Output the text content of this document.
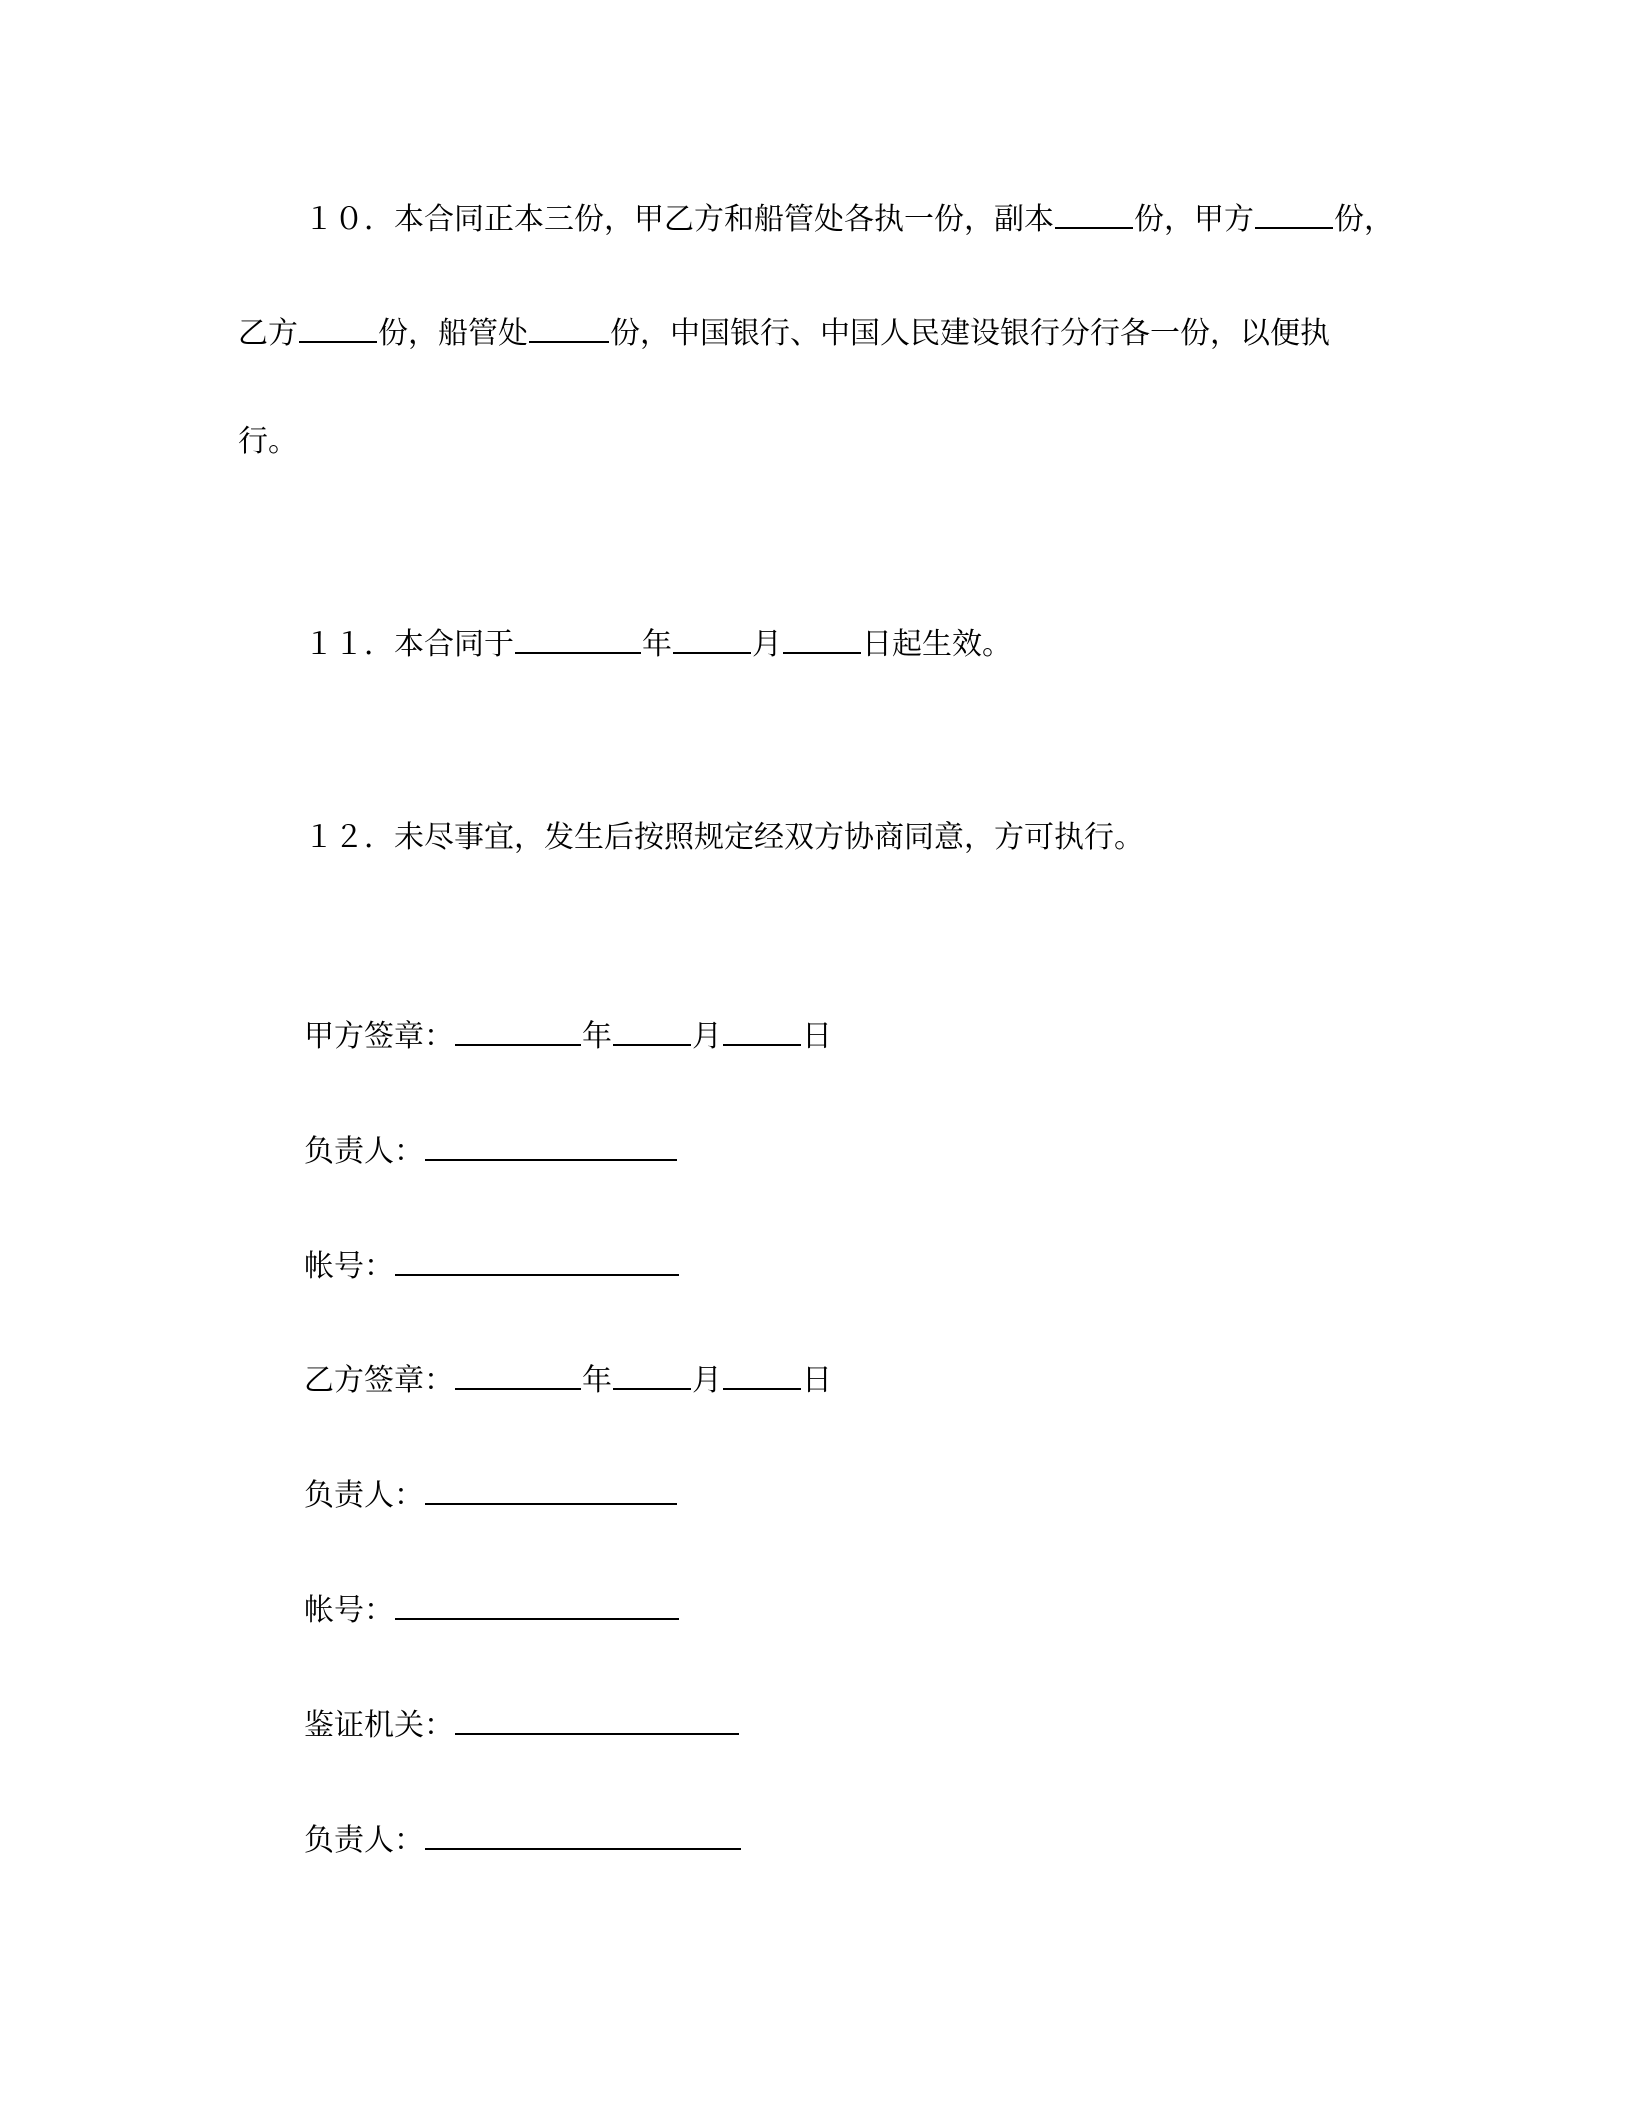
１０．本合同正本三份，甲乙方和船管处各执一份，副本	份，甲方	份，
乙方	份，船管处	份，中国银行、中国人民建设银行分行各一份，以便执
行。
１１．本合同于	年	月	日起生效。
１２．未尽事宜，发生后按照规定经双方协商同意，方可执行。
甲方签章：	年	月	日
负责人：
帐号：
乙方签章：	年	月	日
负责人：
帐号：
鉴证机关：
负责人：
